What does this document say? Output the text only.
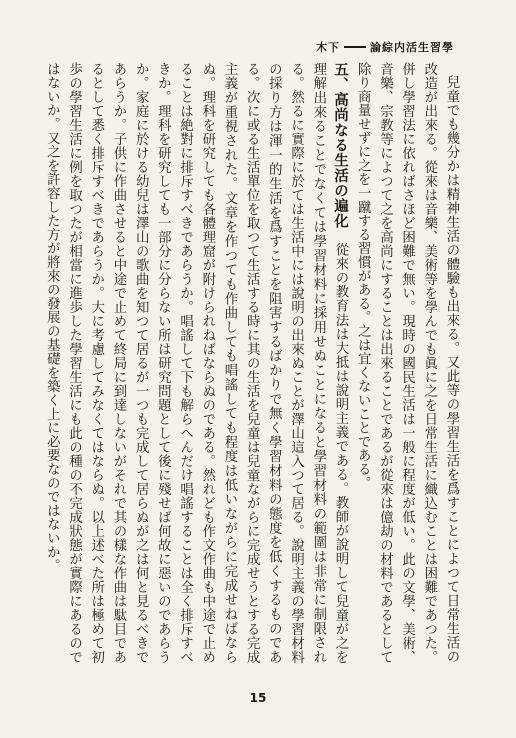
木下	論綜内活生習學

兒童でも幾分かは精神生活の體驗も出來る。又此等の學習生活を爲すことによつて日常生活の改造が出來る。從來は音樂、美術等を學んでも眞に之を日常生活に織込むことは困難であつた。併し學習法に依ればさほど困難で無い。現時の國民生活は一般に程度が低い。此の文學、美術、音樂、宗教等によつて之を高尚にすることは出來ることであるが從來は億劫の材料であるとして除り商量せずに之を一蹴する習慣がある。之は宜くないことである。

五、高尚なる生活の遍化　從來の教育法は大抵は說明主義である。教師が說明して兒童が之を理解出來ることでなくては學習材料に採用せぬことになると學習材料の範圍は非常に制限される。然るに實際に於ては生活中には說明の出來ぬことが澤山這入つて居る。說明主義の學習材料の採り方は渾一的生活を爲すことを阻害するばかりで無く學習材料の態度を低くするものである。次に或る生活單位を取つて生活する時に其の生活を兒童は兒童ながらに完成せうとする完成主義が重視された。文章を作つても作曲しても唱謠しても程度は低いながらに完成せねばならぬ。理科を研究しても各體理窟が附けられねばならぬのである。然れども作文作曲も中途で止めることは絶對に排斥すべきであらうか。唱謠して下も解らへんだけ唱謠することは全く排斥すべきか。理科を研究しても一部分に分らない所は研究問題として後に殘せば何故に惡いのであらうか。家庭に於ける幼兒は澤山の歌曲を知つて居るが一つも完成して居らぬが之は何と見るべきであらうか。子供に作曲させると中途で止めて終局に到達しないがそれで其の樣な作曲は駄目であるとして悉く排斥すべきであらうか。大に考慮してみなくてはならぬ。以上述べた所は極めて初歩の學習生活に例を取つたが相當に進歩した學習生活にも此の種の不完成狀態が實際にあるのではないか。又之を許容した方が將來の發展の基礎を築く上に必要なのではないか。

15
